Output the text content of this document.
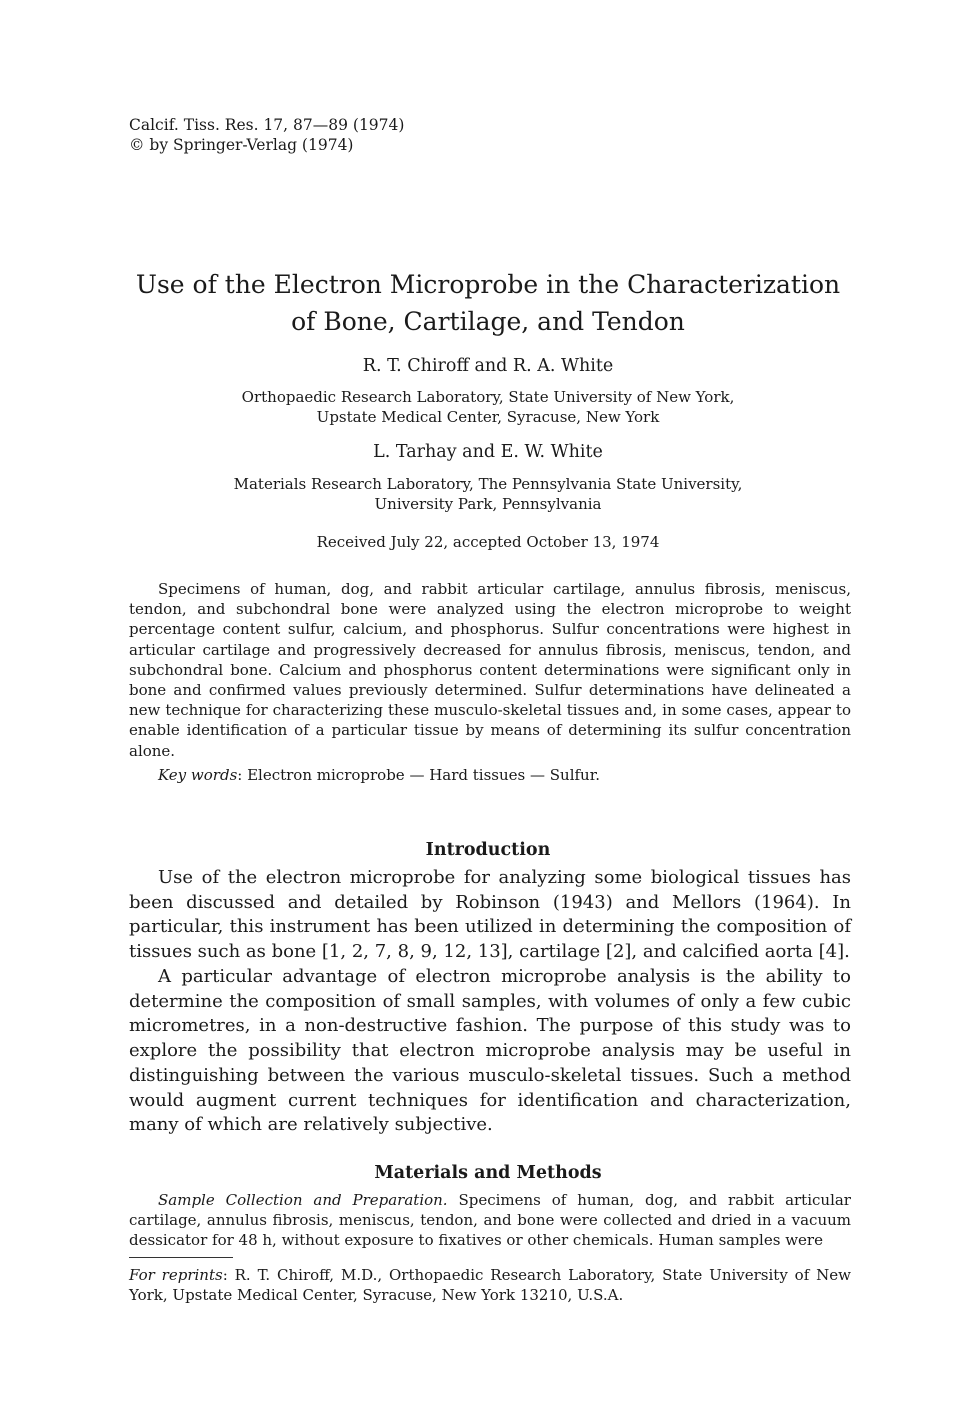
Calcif. Tiss. Res. 17, 87—89 (1974)
© by Springer-Verlag (1974)
Use of the Electron Microprobe in the Characterization
of Bone, Cartilage, and Tendon
R. T. Chiroff and R. A. White
Orthopaedic Research Laboratory, State University of New York,
Upstate Medical Center, Syracuse, New York
L. Tarhay and E. W. White
Materials Research Laboratory, The Pennsylvania State University,
University Park, Pennsylvania
Received July 22, accepted October 13, 1974

Specimens of human, dog, and rabbit articular cartilage, annulus fibrosis, meniscus, tendon, and subchondral bone were analyzed using the electron microprobe to weight percentage content sulfur, calcium, and phosphorus. Sulfur concentrations were highest in articular cartilage and progressively decreased for annulus fibrosis, meniscus, tendon, and subchondral bone. Calcium and phosphorus content determinations were significant only in bone and confirmed values previously determined. Sulfur determinations have delineated a new technique for characterizing these musculo-skeletal tissues and, in some cases, appear to enable identification of a particular tissue by means of determining its sulfur concentration alone.

Key words: Electron microprobe — Hard tissues — Sulfur.
Introduction

Use of the electron microprobe for analyzing some biological tissues has been discussed and detailed by Robinson (1943) and Mellors (1964). In particular, this instrument has been utilized in determining the composition of tissues such as bone [1, 2, 7, 8, 9, 12, 13], cartilage [2], and calcified aorta [4].

A particular advantage of electron microprobe analysis is the ability to determine the composition of small samples, with volumes of only a few cubic micrometres, in a non-destructive fashion. The purpose of this study was to explore the possibility that electron microprobe analysis may be useful in distinguishing between the various musculo-skeletal tissues. Such a method would augment current techniques for identification and characterization, many of which are relatively subjective.

Materials and Methods

Sample Collection and Preparation. Specimens of human, dog, and rabbit articular cartilage, annulus fibrosis, meniscus, tendon, and bone were collected and dried in a vacuum dessicator for 48 h, without exposure to fixatives or other chemicals. Human samples were

For reprints: R. T. Chiroff, M.D., Orthopaedic Research Laboratory, State University of New York, Upstate Medical Center, Syracuse, New York 13210, U.S.A.
